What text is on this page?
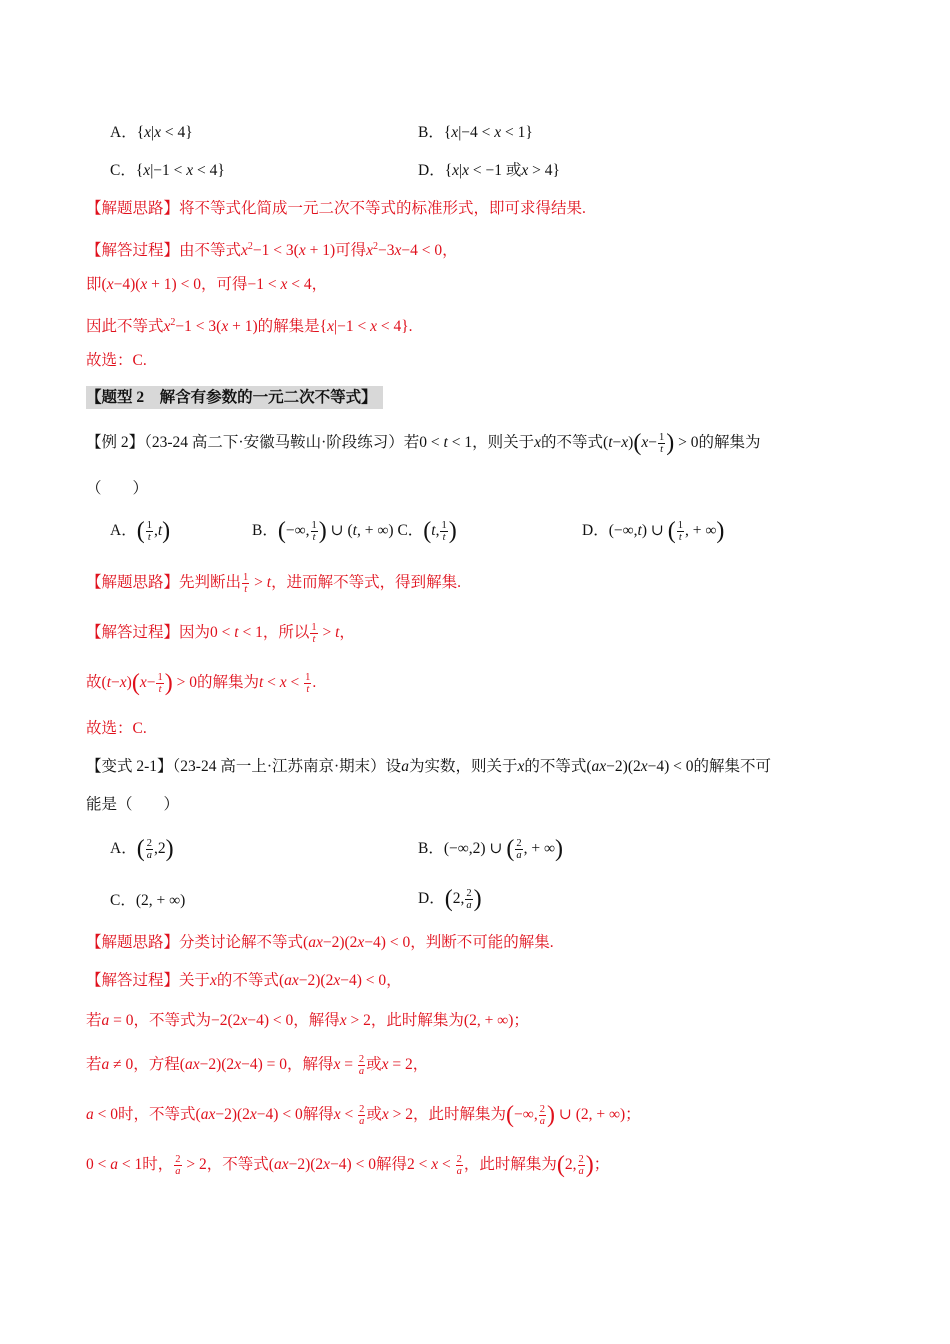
A．{x|x < 4}	B．{x|−4 < x < 1}
C．{x|−1 < x < 4}	D．{x|x < −1 或x > 4}
【解题思路】将不等式化简成一元二次不等式的标准形式，即可求得结果.
【解答过程】由不等式$x^2-1 < 3(x + 1)$可得$x^2-3x-4 < 0$，
即(x−4)(x + 1) < 0，可得−1 < x < 4，
因此不等式$x^2-1 < 3(x + 1)$的解集是{x|−1 < x < 4}.
故选：C.
【题型 2　解含有参数的一元二次不等式】
【例 2】（23-24 高二下·安徽马鞍山·阶段练习）若0 < t < 1，则关于x的不等式$(t-x)(x- \frac{1}{t}$ ) > 0的解集为
（　　）
A．( $\frac{1}{t} ,t$)	B．(−∞, $\frac{1}{t}$ ) ∪ (t, + ∞) C．(t, $\frac{1}{t}$ )	D．(−∞,t) ∪ ( $\frac{1}{t}$ , + ∞)
【解题思路】先判断出 $\frac{1}{t} > t$，进而解不等式，得到解集.
【解答过程】因为0 < t < 1，所以 $\frac{1}{t} > t$，
故$(t-x)(x- \frac{1}{t}$ ) > 0的解集为$t < x < \frac{1}{t}$ .
故选：C.
【变式 2-1】（23-24 高一上·江苏南京·期末）设a为实数，则关于x的不等式(ax−2)(2x−4) < 0的解集不可
能是（　　）
A．( $\frac{2}{a} ,2$)	B．(−∞,2) ∪ ( $\frac{2}{a}$ , + ∞)
C．(2, + ∞)	D．(2, $\frac{2}{a}$ )
【解题思路】分类讨论解不等式(ax−2)(2x−4) < 0，判断不可能的解集.
【解答过程】关于x的不等式(ax−2)(2x−4) < 0，
若a = 0，不等式为−2(2x−4) < 0，解得x > 2，此时解集为(2, + ∞)；
若a ≠ 0，方程(ax−2)(2x−4) = 0，解得$x = \frac{2}{a}$ 或x = 2，
a < 0时，不等式(ax−2)(2x−4) < 0解得$x < \frac{2}{a}$ 或x > 2，此时解集为(−∞, $\frac{2}{a}$ ) ∪ (2, + ∞)；
0 < a < 1时， $\frac{2}{a} > 2$，不等式(ax−2)(2x−4) < 0解得$2 < x < \frac{2}{a}$ ，此时解集为(2, $\frac{2}{a}$ )；
